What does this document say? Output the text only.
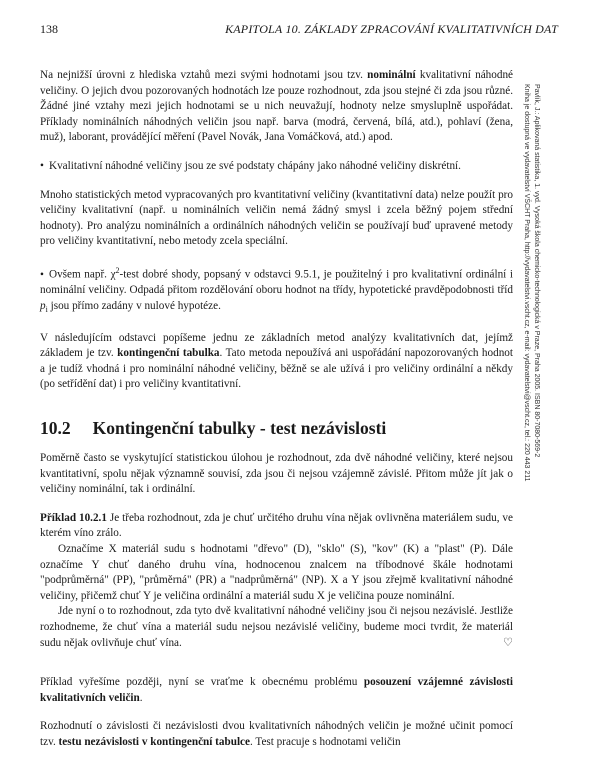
138	KAPITOLA 10. ZÁKLADY ZPRACOVÁNÍ KVALITATIVNÍCH DAT
Pavlík, J.: Aplikovaná statistika, 1. vyd. Vysoká škola chemicko-technologická v Praze, Praha 2005. ISBN 80-7080-569-2
Kniha je dostupná ve vydavatelství VŠCHT Praha, http://vydavatelstvi.vscht.cz, e-mail: vydavatelstvi@vscht.cz, tel.: 220 443 211

Na nejnižší úrovni z hlediska vztahů mezi svými hodnotami jsou tzv. nominální kvalitativní náhodné veličiny. O jejich dvou pozorovaných hodnotách lze pouze rozhodnout, zda jsou stejné či zda jsou různé. Žádné jiné vztahy mezi jejich hodnotami se u nich neuvažují, hodnoty nelze smysluplně uspořádat. Příklady nominálních náhodných veličin jsou např. barva (modrá, červená, bílá, atd.), pohlaví (žena, muž), laborant, provádějící měření (Pavel Novák, Jana Vomáčková, atd.) apod.

• Kvalitativní náhodné veličiny jsou ze své podstaty chápány jako náhodné veličiny diskrétní.

Mnoho statistických metod vypracovaných pro kvantitativní veličiny (kvantitativní data) nelze použít pro veličiny kvalitativní (např. u nominálních veličin nemá žádný smysl i zcela běžný pojem střední hodnoty). Pro analýzu nominálních a ordinálních náhodných veličin se používají buď upravené metody pro veličiny kvantitativní, nebo metody zcela speciální.

• Ovšem např. $\chi^2$-test dobré shody, popsaný v odstavci 9.5.1, je použitelný i pro kvalitativní ordinální i nominální veličiny. Odpadá přitom rozdělování oboru hodnot na třídy, hypotetické pravděpodobnosti tříd $p_i$ jsou přímo zadány v nulové hypotéze.

V následujícím odstavci popíšeme jednu ze základních metod analýzy kvalitativních dat, jejímž základem je tzv. kontingenční tabulka. Tato metoda nepoužívá ani uspořádání napozorovaných hodnot a je tudíž vhodná i pro nominální náhodné veličiny, běžně se ale užívá i pro veličiny ordinální a někdy (po setřídění dat) i pro veličiny kvantitativní.

10.2 Kontingenční tabulky - test nezávislosti

Poměrně často se vyskytující statistickou úlohou je rozhodnout, zda dvě náhodné veličiny, které nejsou kvantitativní, spolu nějak významně souvisí, zda jsou či nejsou vzájemně závislé. Přitom může jít jak o veličiny nominální, tak i ordinální.

Příklad 10.2.1 Je třeba rozhodnout, zda je chuť určitého druhu vína nějak ovlivněna materiálem sudu, ve kterém víno zrálo.

Označíme X materiál sudu s hodnotami "dřevo" (D), "sklo" (S), "kov" (K) a "plast" (P). Dále označíme Y chuť daného druhu vína, hodnocenou znalcem na tříbodnové škále hodnotami "podprůměrná" (PP), "průměrná" (PR) a "nadprůměrná" (NP). X a Y jsou zřejmě kvalitativní náhodné veličiny, přičemž chuť Y je veličina ordinální a materiál sudu X je veličina pouze nominální.

Jde nyní o to rozhodnout, zda tyto dvě kvalitativní náhodné veličiny jsou či nejsou nezávislé. Jestliže rozhodneme, že chuť vína a materiál sudu nejsou nezávislé veličiny, budeme moci tvrdit, že materiál sudu nějak ovlivňuje chuť vína.	♡

Příklad vyřešíme později, nyní se vraťme k obecnému problému posouzení vzájemné závislosti kvalitativních veličin.

Rozhodnutí o závislosti či nezávislosti dvou kvalitativních náhodných veličin je možné učinit pomocí tzv. testu nezávislosti v kontingenční tabulce. Test pracuje s hodnotami veličin
